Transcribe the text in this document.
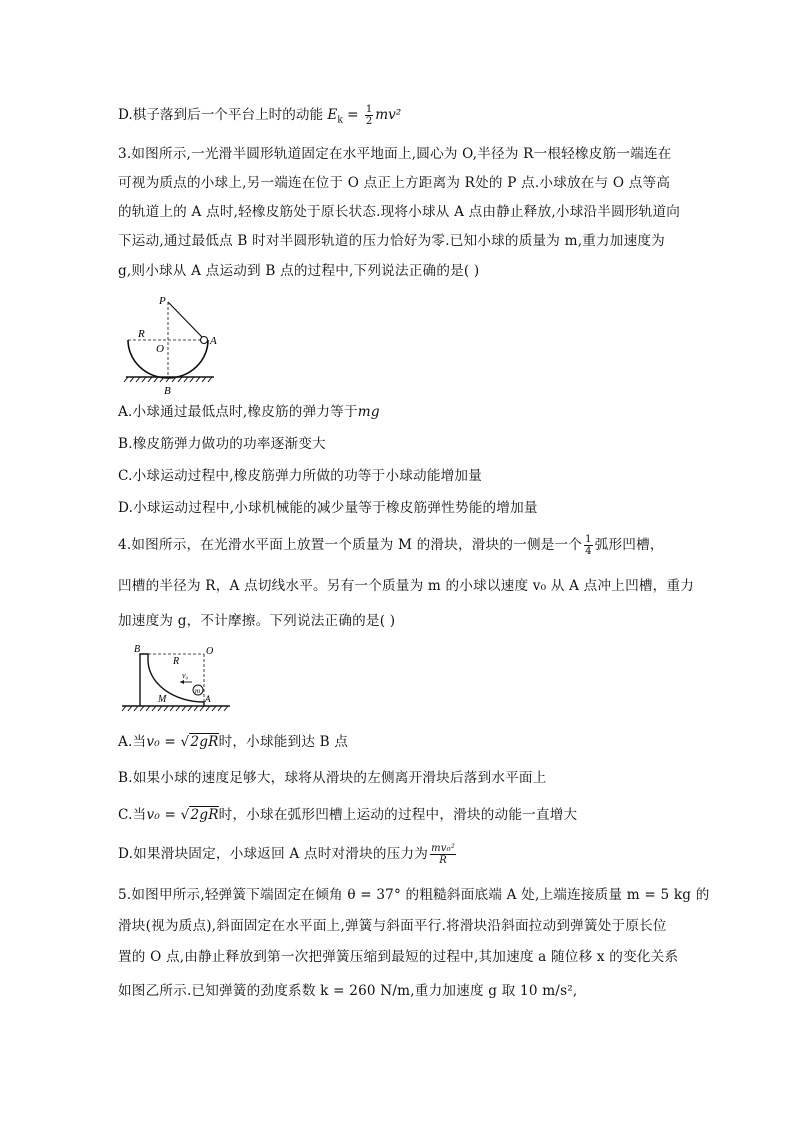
D.棋子落到后一个平台上时的动能 $E_k = \frac{1}{2} mv^2$
3.如图所示,一光滑半圆形轨道固定在水平地面上,圆心为 O,半径为 R一根轻橡皮筋一端连在
可视为质点的小球上,另一端连在位于 O 点正上方距离为 R处的 P 点.小球放在与 O 点等高
的轨道上的 A 点时,轻橡皮筋处于原长状态.现将小球从 A 点由静止释放,小球沿半圆形轨道向
下运动,通过最低点 B 时对半圆形轨道的压力恰好为零.已知小球的质量为 m,重力加速度为
g,则小球从 A 点运动到 B 点的过程中,下列说法正确的是( )
P
R
O
A
B
A.小球通过最低点时,橡皮筋的弹力等于mg
B.橡皮筋弹力做功的功率逐渐变大
C.小球运动过程中,橡皮筋弹力所做的功等于小球动能增加量
D.小球运动过程中,小球机械能的减少量等于橡皮筋弹性势能的增加量
4.如图所示，在光滑水平面上放置一个质量为 M 的滑块，滑块的一侧是一个 $\frac{1}{4}$ 弧形凹槽，
凹槽的半径为 R，A 点切线水平。另有一个质量为 m 的小球以速度 v₀ 从 A 点冲上凹槽，重力
加速度为 g，不计摩擦。下列说法正确的是( )
B
R
O
v₀
m
A
M
A.当v₀ = √2gR时，小球能到达 B 点
B.如果小球的速度足够大，球将从滑块的左侧离开滑块后落到水平面上
C.当v₀ = √2gR时，小球在弧形凹槽上运动的过程中，滑块的动能一直增大
D.如果滑块固定，小球返回 A 点时对滑块的压力为 $\frac{\text{mv₀²}}{R}$
5.如图甲所示,轻弹簧下端固定在倾角 θ = 37° 的粗糙斜面底端 A 处,上端连接质量 m = 5 kg 的
滑块(视为质点),斜面固定在水平面上,弹簧与斜面平行.将滑块沿斜面拉动到弹簧处于原长位
置的 O 点,由静止释放到第一次把弹簧压缩到最短的过程中,其加速度 a 随位移 x 的变化关系
如图乙所示.已知弹簧的劲度系数 k = 260 N/m,重力加速度 g 取 10 m/s²,
